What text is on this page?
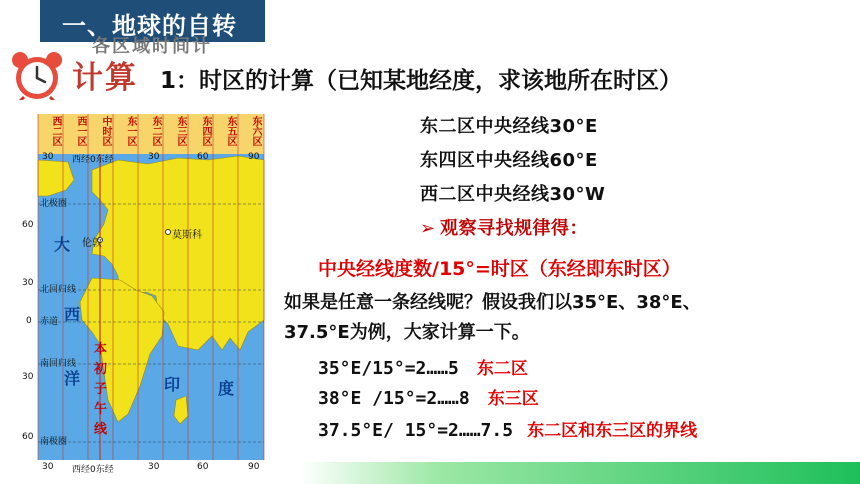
一、地球的自转
各区域时间计
计算 1：时区的计算（已知某地经度，求该地所在时区）
西二区	西一区	中时区	东一区	东二区	东三区	东四区	东五区	东六区
30 西经0东经	30	60	90
30 西经0东经	30	60	90
60
30
0
30
60
北极圈
北回归线
赤道
南回归线
南极圈
伦敦
莫斯科
大
西
洋	印 度
本
初
子
午
线
东二区中央经线30°E
东四区中央经线60°E
西二区中央经线30°W
➢ 观察寻找规律得：
中央经线度数/15°=时区（东经即东时区）
如果是任意一条经线呢？假设我们以35°E、38°E、
37.5°E为例，大家计算一下。
35°E/15°=2……5 东二区
38°E /15°=2……8 东三区
37.5°E/ 15°=2……7.5 东二区和东三区的界线
